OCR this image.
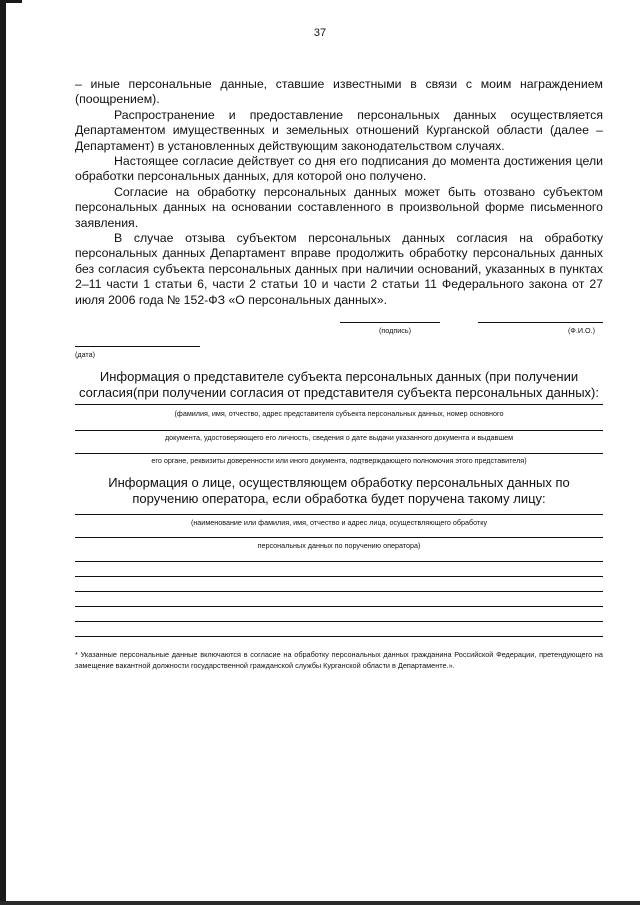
37

– иные персональные данные, ставшие известными в связи с моим награждением (поощрением).

Распространение и предоставление персональных данных осуществляется Департаментом имущественных и земельных отношений Курганской области (далее – Департамент) в установленных действующим законодательством случаях.

Настоящее согласие действует со дня его подписания до момента достижения цели обработки персональных данных, для которой оно получено.

Согласие на обработку персональных данных может быть отозвано субъектом персональных данных на основании составленного в произвольной форме письменного заявления.

В случае отзыва субъектом персональных данных согласия на обработку персональных данных Департамент вправе продолжить обработку персональных данных без согласия субъекта персональных данных при наличии оснований, указанных в пунктах 2–11 части 1 статьи 6, части 2 статьи 10 и части 2 статьи 11 Федерального закона от 27 июля 2006 года № 152-ФЗ «О персональных данных».

(подпись)	(Ф.И.О.)
(дата)
Информация о представителе субъекта персональных данных (при получении согласия(при получении согласия от представителя субъекта персональных данных):
(фамилия, имя, отчество, адрес представителя субъекта персональных данных, номер основного
документа, удостоверяющего его личность, сведения о дате выдачи указанного документа и выдавшем
его органе, реквизиты доверенности или иного документа, подтверждающего полномочия этого представителя)
Информация о лице, осуществляющем обработку персональных данных по поручению оператора, если обработка будет поручена такому лицу:
(наименование или фамилия, имя, отчество и адрес лица, осуществляющего обработку
персональных данных по поручению оператора)
* Указанные персональные данные включаются в согласие на обработку персональных данных гражданина Российской Федерации, претендующего на замещение вакантной должности государственной гражданской службы Курганской области в Департаменте.».
